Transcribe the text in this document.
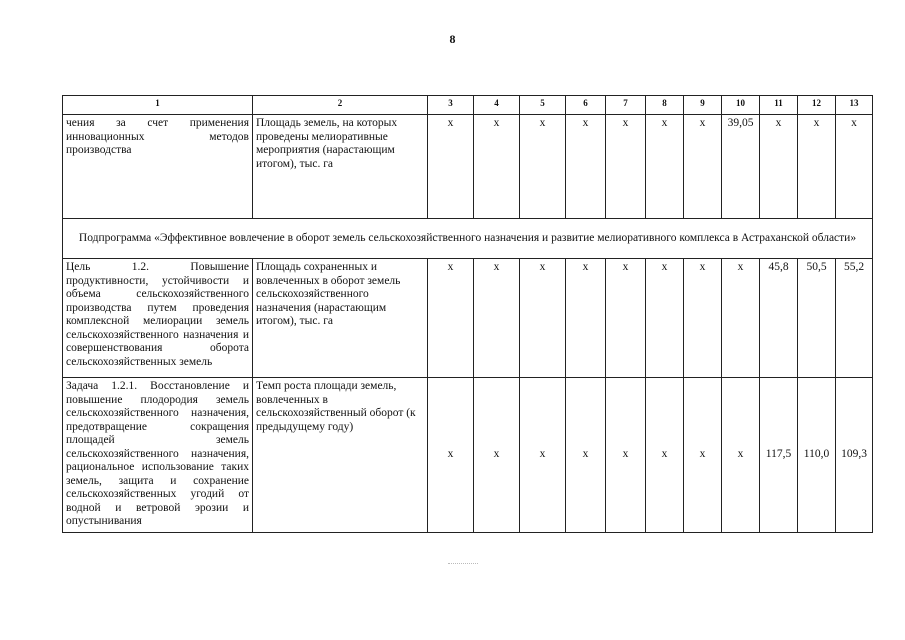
8
1	2	3	4	5	6	7	8	9	10	11	12	13
чения за счет применения инновационных методов производства	Площадь земель, на которых проведены мелиоративные мероприятия (нарастающим итогом), тыс. га	x	x	x	x	x	x	x	39,05	x	x	x
Подпрограмма «Эффективное вовлечение в оборот земель сельскохозяйственного назначения и развитие мелиоративного комплекса в Астраханской области»												
Цель 1.2. Повышение продуктивности, устойчивости и объема сельскохозяйственного производства путем проведения комплексной мелиорации земель сельскохозяйственного назначения и совершенствования оборота сельскохозяйственных земель	Площадь сохраненных и вовлеченных в оборот земель сельскохозяйственного назначения (нарастающим итогом), тыс. га	x	x	x	x	x	x	x	x	45,8	50,5	55,2
Задача 1.2.1. Восстановление и повышение плодородия земель сельскохозяйственного назначения, предотвращение сокращения площадей земель сельскохозяйственного назначения, рациональное использование таких земель, защита и сохранение сельскохозяйственных угодий от водной и ветровой эрозии и опустынивания	Темп роста площади земель, вовлеченных в сельскохозяйственный оборот (к предыдущему году)	x	x	x	x	x	x	x	x	117,5	110,0	109,3
